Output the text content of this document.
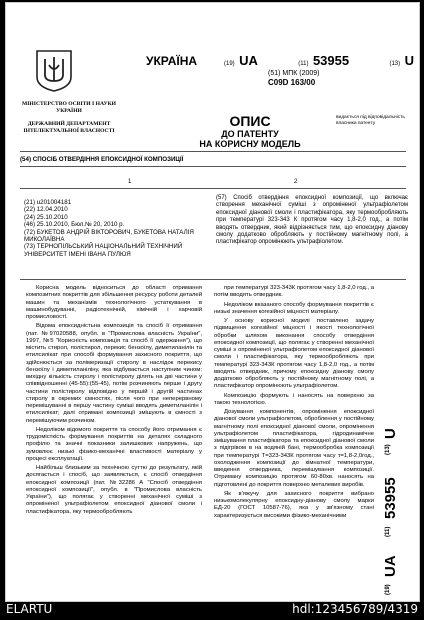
МІНІСТЕРСТВО ОСВІТИ І НАУКИ УКРАЇНИ
ДЕРЖАВНИЙ ДЕПАРТАМЕНТ ІНТЕЛЕКТУАЛЬНОЇ ВЛАСНОСТІ
УКРАЇНА	(19) UA	(11) 53955	(13) U
(51) МПК (2009)
C09D 163/00
ОПИС
ДО ПАТЕНТУ
НА КОРИСНУ МОДЕЛЬ
видається під відповідальність власника патенту
(54) СПОСІБ ОТВЕРДІННЯ ЕПОКСИДНОЇ КОМПОЗИЦІЇ
1	2
(21) u201004181
(22) 12.04.2010
(24) 25.10.2010
(46) 25.10.2010, Бюл.№ 20, 2010 р.
(72) БУКЕТОВ АНДРІЙ ВІКТОРОВИЧ, БУКЕТОВА НАТАЛІЯ МИКОЛАЇВНА
(73) ТЕРНОПІЛЬСЬКИЙ НАЦІОНАЛЬНИЙ ТЕХНІЧНИЙ УНІВЕРСИТЕТ ІМЕНІ ІВАНА ПУЛЮЯ
(57) Спосіб отвердіння епоксидної композиції, що включає створення механічної суміші з опроміненої ультрафіолетом епоксидної діанової смоли і пластифікатора, яку термообробляють при температурі 323-343 К протягом часу 1,8-2,0 год., а потім вводять отвердник, який відрізняється тим, що епоксидну діанову смолу додатково обробляють у постійному магнітному полі, а пластифікатор опромінюють ультрафіолетом.

Корисна модель відноситься до області отримання композитних покриттів для збільшення ресурсу роботи деталей машин та механізмів технологічного устаткування в машинобудуванні, радіотехнічній, хімічній і харчовій промисловості.

Відома епоксидністьна композиція та спосіб її отримання (пат. №97020588, опубл. в "Промислова власність України", 1997, №5 "Корисність композиція та спосіб її одержання"), що містить стирол, полістирол, перекис бензоїлу, диметиланілін та етилсилікат при способі формування захисного покриття, що здійснюється за полімеризації стиролу в наслідок перекису бензоїлу і диметиланіліну, яка відбувається наступним чином: вихідну кількість стиролу і полістиролу ділять на дві частини у співвідношенні (45-55):(55-45), потім розчиняють перше і другу частини полістиролу відповідно у першій і другій частинах стиролу в окремих ємностях, після чого при неперервному перемішуванні в першу частину суміші вводять диметиланілін і етилсилікат; далі отримані композиції змішують в ємності з перемішуючим розчином.

Недоліком відомого покриття та способу його отримання є трудомісткість формування покриттів на деталях складного профілю та значні показники залишкових напружень, що зумовлює низькі фізико-механічні властивості матеріалу у процесі експлуатації.

Найбільш близьким за технічною суттю до результату, якій досягається і спосіб, що заявляється, є спосіб отвердіння епоксидної композиції (пат. №32286 А "Спосіб отвердіння епоксидної композиції", опубл. в "Промислова власність України"), що полягає у створенні механічної суміші з опроміненої ультрафіолетом епоксидної діанової смоли і пластифікатора, яку термообробляють

при температурі 323-343К протягом часу 1,8-2,0 год., а потім вводять отвердник.

Недоліком вказаного способу формування покриттів є низькі значення когезійної міцності матеріалу.

У основу корисної моделі поставлено задачу підвищення когезійної міцності і якості технологічної обробки шляхом виконання способу отвердіння епоксидної композиції, що полягає у створенні механічної суміші з опроміненої ультрафіолетом епоксидної діанової смоли і пластифікатора, яку термообробляють при температурі 323-343К протягом часу 1,8-2,0 год., а потім вводять отвердник, причому епоксидну діанову смолу додатково обробляють у постійному магнітному полі, а пластифікатор опромінюють ультрафіолетом.

Композицію формують і наносять на поверхню за такою технологією.

Дозування компонентів, опромінення епоксидної діанової смоли ультрафіолетом, оброблення у постійному магнітному полі епоксидної діанової смоли, опромінення ультрафіолетом пластифікатора, гідродинамічне змішування пластифікатора та епоксидної діанової смоли з підігрівом в на водяній бані, термообробка композиції при температурі Т=323-343К протягом часу τ=1,8-2,0год., охолодження композиції до кімнатної температури, введення отвердника, перемішування композиції. Отриману композицію протягом 60-80хв. наносять на підготовлені до покриття поверхню металевих виробів.

Як в'яжучу для захисного покриття вибрано низькомолекулярну епоксидну-діанову смолу марки ЕД-20 (ГОСТ 10587-76), яка у зв'язному стані характеризується високими фізико-механічними

(19)
UA
(11)
53955
(13)
U
ELARTU	hdl:123456789/4319
